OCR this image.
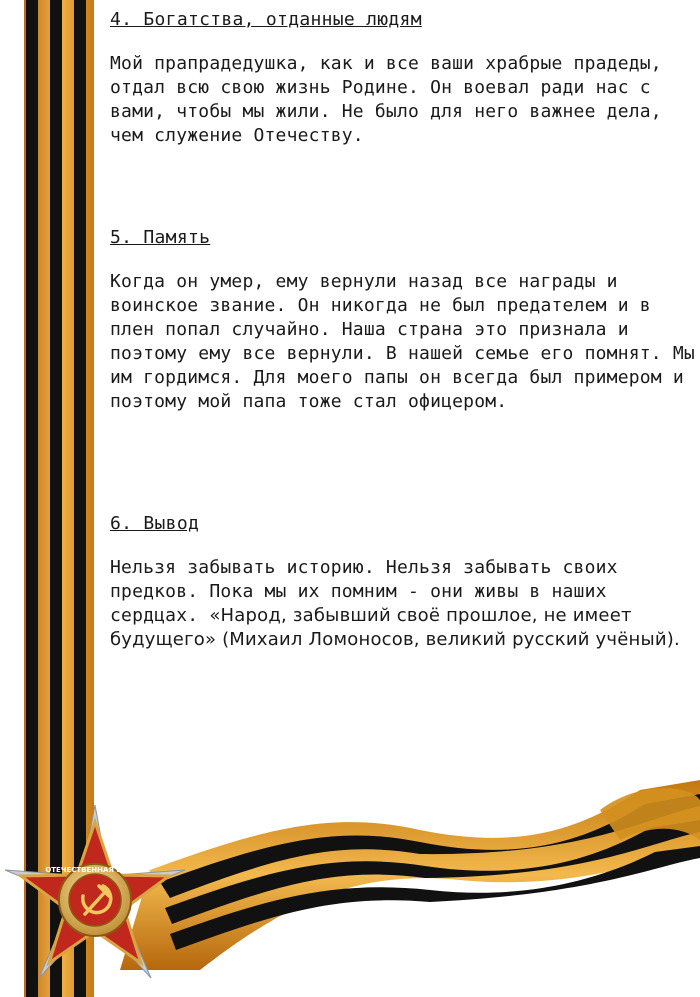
4. Богатства, отданные людям
Мой прапрадедушка, как и все ваши храбрые прадеды, отдал всю свою жизнь Родине. Он воевал ради нас с вами, чтобы мы жили. Не было для него важнее дела, чем служение Отечеству.
5. Память
Когда он умер, ему вернули назад все награды и воинское звание. Он никогда не был предателем и в плен попал случайно. Наша страна это признала и поэтому ему все вернули. В нашей семье его помнят. Мы им гордимся. Для моего папы он всегда был примером и поэтому мой папа тоже стал офицером.
6. Вывод
Нельзя забывать историю. Нельзя забывать своих предков. Пока мы их помним - они живы в наших сердцах. «Народ, забывший своё прошлое, не имеет будущего» (Михаил Ломоносов, великий русский учёный).
ОТЕЧЕСТВЕННАЯ ВОЙНА
